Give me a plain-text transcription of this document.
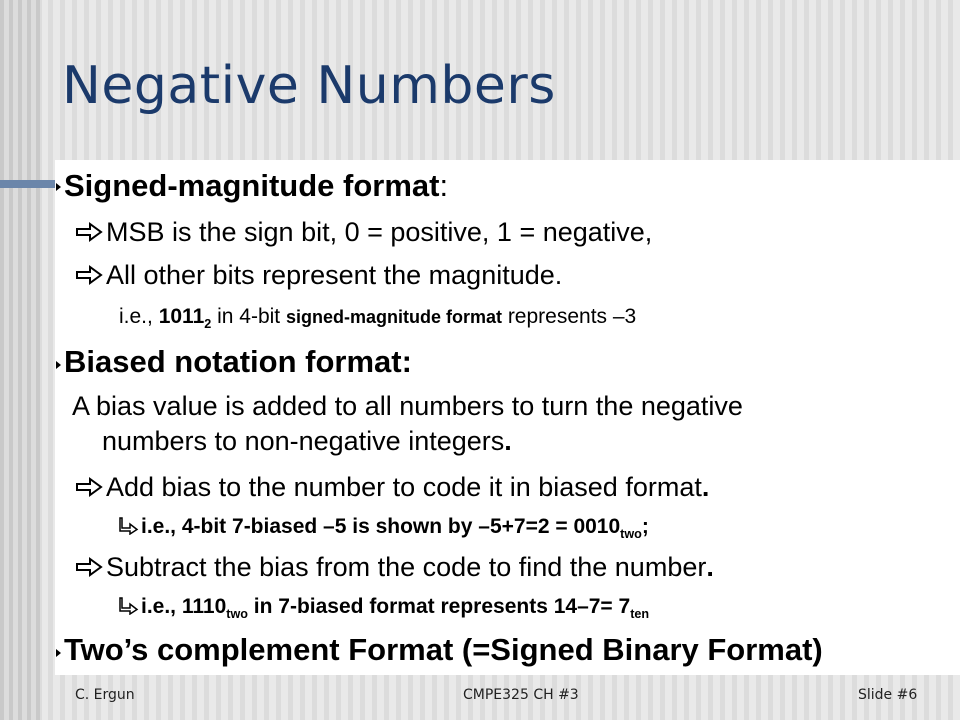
Negative Numbers
Signed-magnitude format:
MSB is the sign bit, 0 = positive, 1 = negative,
All other bits represent the magnitude.
i.e., $1011_2$ in 4-bit signed-magnitude format represents –3
Biased notation format:
A bias value is added to all numbers to turn the negative
numbers to non-negative integers.
Add bias to the number to code it in biased format.
i.e., 4-bit 7-biased –5 is shown by $-5+7=2 = 0010_{two}$;
Subtract the bias from the code to find the number.
i.e., $1110_{two}$ in 7-biased format represents $14-7= 7_{ten}$
Two’s complement Format (=Signed Binary Format)
C. Ergun	CMPE325 CH #3	Slide #6
